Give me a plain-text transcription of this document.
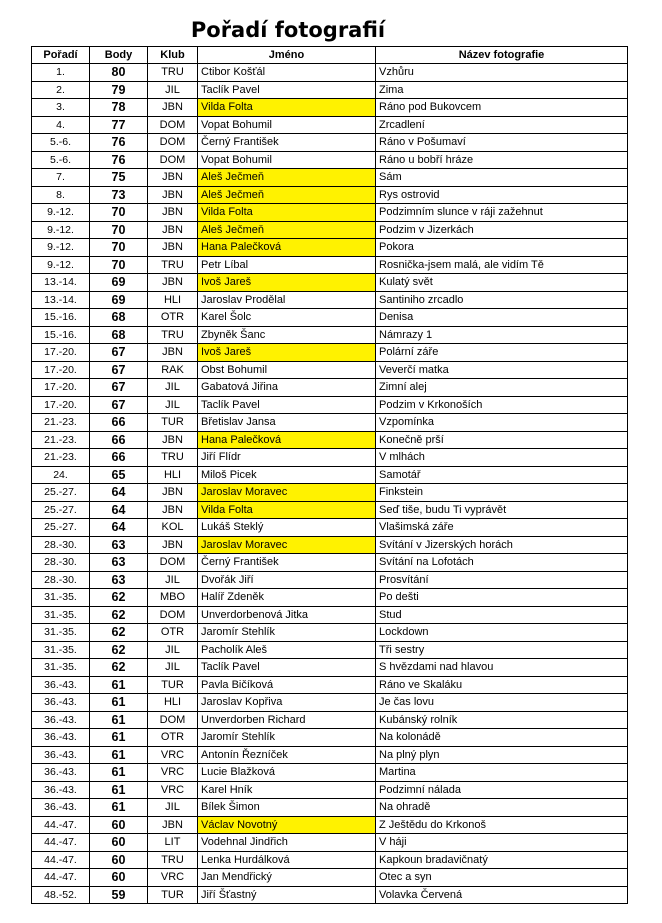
Pořadí fotografií
Pořadí	Body	Klub	Jméno	Název fotografie
1.	80	TRU	Ctibor Košťál	Vzhůru
2.	79	JIL	Taclík Pavel	Zima
3.	78	JBN	Vilda Folta	Ráno pod Bukovcem
4.	77	DOM	Vopat Bohumil	Zrcadlení
5.-6.	76	DOM	Černý František	Ráno v Pošumaví
5.-6.	76	DOM	Vopat Bohumil	Ráno u bobří hráze
7.	75	JBN	Aleš Ječmeň	Sám
8.	73	JBN	Aleš Ječmeň	Rys ostrovid
9.-12.	70	JBN	Vilda Folta	Podzimním slunce v ráji zažehnut
9.-12.	70	JBN	Aleš Ječmeň	Podzim v Jizerkách
9.-12.	70	JBN	Hana Palečková	Pokora
9.-12.	70	TRU	Petr Líbal	Rosnička-jsem malá, ale vidím Tě
13.-14.	69	JBN	Ivoš Jareš	Kulatý svět
13.-14.	69	HLI	Jaroslav Prodělal	Santiniho zrcadlo
15.-16.	68	OTR	Karel Šolc	Denisa
15.-16.	68	TRU	Zbyněk Šanc	Námrazy 1
17.-20.	67	JBN	Ivoš Jareš	Polární záře
17.-20.	67	RAK	Obst Bohumil	Veverčí matka
17.-20.	67	JIL	Gabatová Jiřina	Zimní alej
17.-20.	67	JIL	Taclík Pavel	Podzim v Krkonoších
21.-23.	66	TUR	Břetislav Jansa	Vzpomínka
21.-23.	66	JBN	Hana Palečková	Konečně prší
21.-23.	66	TRU	Jiří Flídr	V mlhách
24.	65	HLI	Miloš Picek	Samotář
25.-27.	64	JBN	Jaroslav Moravec	Finkstein
25.-27.	64	JBN	Vilda Folta	Seď tiše, budu Ti vyprávět
25.-27.	64	KOL	Lukáš Steklý	Vlašimská záře
28.-30.	63	JBN	Jaroslav Moravec	Svítání v Jizerských horách
28.-30.	63	DOM	Černý František	Svítání na Lofotách
28.-30.	63	JIL	Dvořák Jiří	Prosvítání
31.-35.	62	MBO	Halíř Zdeněk	Po dešti
31.-35.	62	DOM	Unverdorbenová Jitka	Stud
31.-35.	62	OTR	Jaromír Stehlík	Lockdown
31.-35.	62	JIL	Pacholík Aleš	Tři sestry
31.-35.	62	JIL	Taclík Pavel	S hvězdami nad hlavou
36.-43.	61	TUR	Pavla Bičíková	Ráno ve Skaláku
36.-43.	61	HLI	Jaroslav Kopřiva	Je čas lovu
36.-43.	61	DOM	Unverdorben Richard	Kubánský rolník
36.-43.	61	OTR	Jaromír Stehlík	Na kolonádě
36.-43.	61	VRC	Antonín Řezníček	Na plný plyn
36.-43.	61	VRC	Lucie Blažková	Martina
36.-43.	61	VRC	Karel Hník	Podzimní nálada
36.-43.	61	JIL	Bílek Šimon	Na ohradě
44.-47.	60	JBN	Václav Novotný	Z Ještědu do Krkonoš
44.-47.	60	LIT	Vodehnal Jindřich	V háji
44.-47.	60	TRU	Lenka Hurdálková	Kapkoun bradavičnatý
44.-47.	60	VRC	Jan Mendřický	Otec a syn
48.-52.	59	TUR	Jiří Šťastný	Volavka Červená
